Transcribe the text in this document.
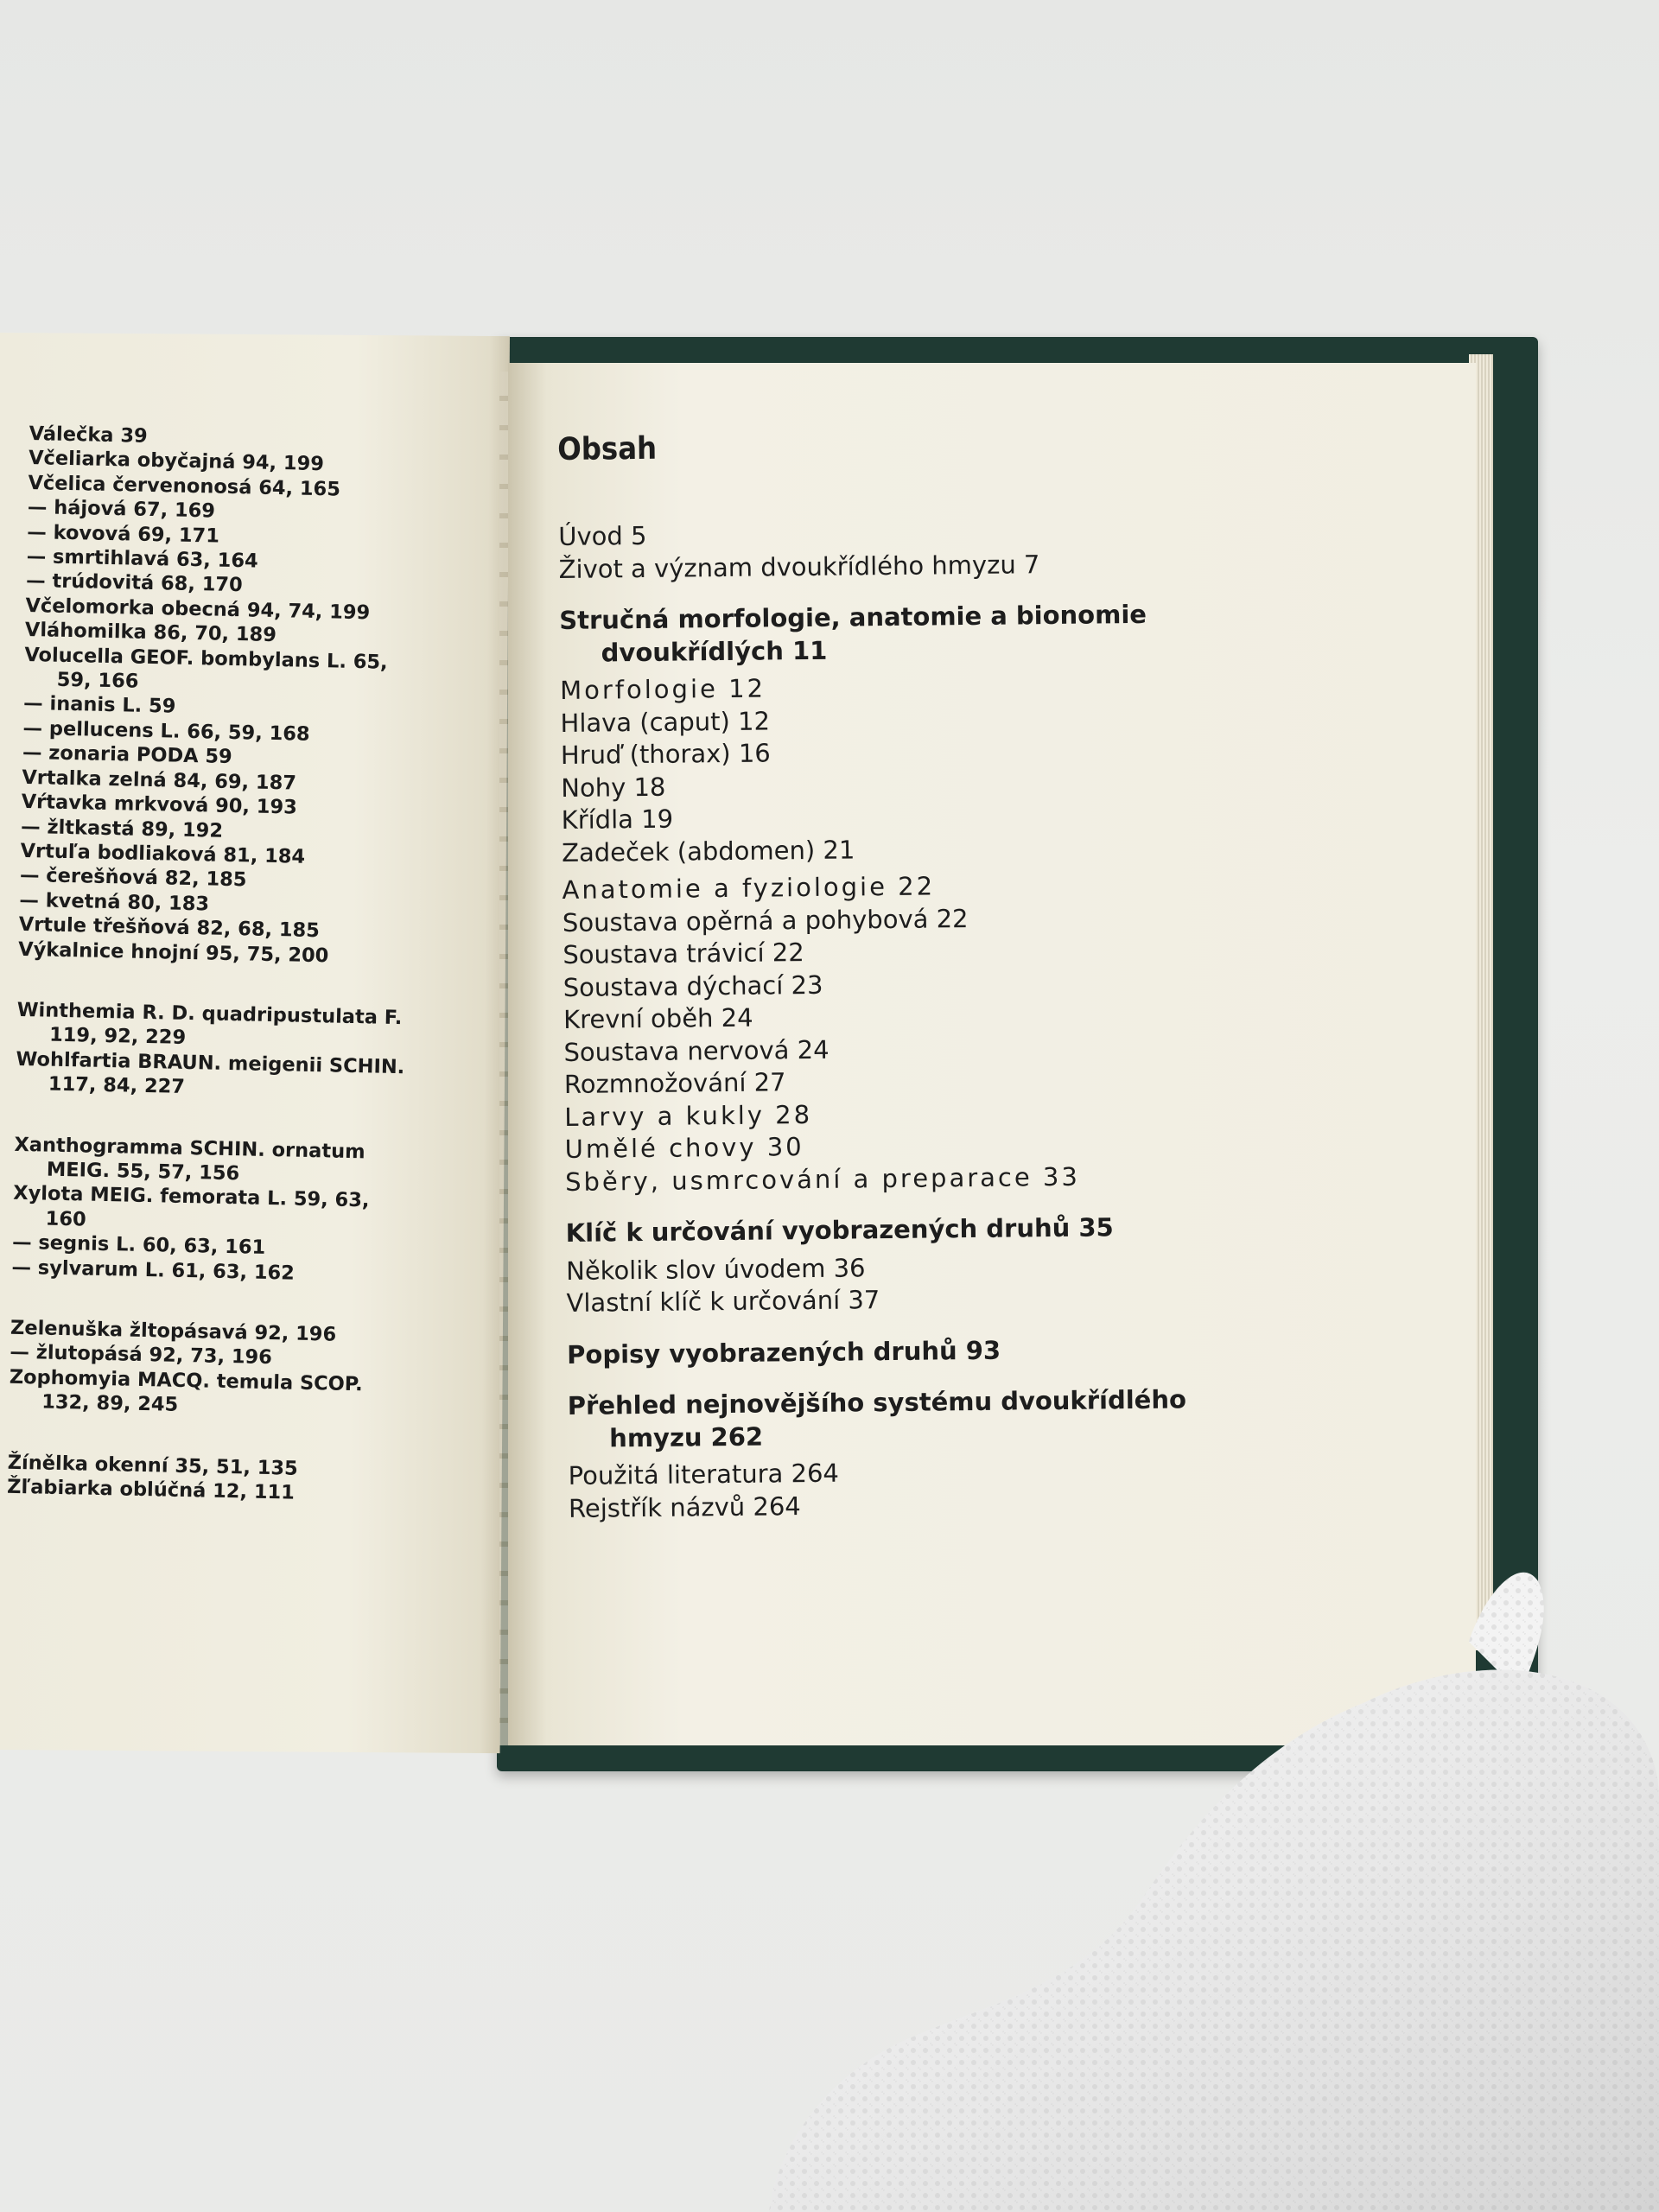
Válečka 39
Včeliarka obyčajná 94, 199
Včelica červenonosá 64, 165
— hájová 67, 169
— kovová 69, 171
— smrtihlavá 63, 164
— trúdovitá 68, 170
Včelomorka obecná 94, 74, 199
Vláhomilka 86, 70, 189
Volucella GEOF. bombylans L. 65,
59, 166
— inanis L. 59
— pellucens L. 66, 59, 168
— zonaria PODA 59
Vrtalka zelná 84, 69, 187
Vŕtavka mrkvová 90, 193
— žltkastá 89, 192
Vrtuľa bodliaková 81, 184
— čerešňová 82, 185
— kvetná 80, 183
Vrtule třešňová 82, 68, 185
Výkalnice hnojní 95, 75, 200
Winthemia R. D. quadripustulata F.
119, 92, 229
Wohlfartia BRAUN. meigenii SCHIN.
117, 84, 227
Xanthogramma SCHIN. ornatum
MEIG. 55, 57, 156
Xylota MEIG. femorata L. 59, 63,
160
— segnis L. 60, 63, 161
— sylvarum L. 61, 63, 162
Zelenuška žltopásavá 92, 196
— žlutopásá 92, 73, 196
Zophomyia MACQ. temula SCOP.
132, 89, 245
Žínělka okenní 35, 51, 135
Žľabiarka oblúčná 12, 111
Obsah
Úvod 5
Život a význam dvoukřídlého hmyzu 7
Stručná morfologie, anatomie a bionomie
dvoukřídlých 11
Morfologie 12
Hlava (caput) 12
Hruď (thorax) 16
Nohy 18
Křídla 19
Zadeček (abdomen) 21
Anatomie a fyziologie 22
Soustava opěrná a pohybová 22
Soustava trávicí 22
Soustava dýchací 23
Krevní oběh 24
Soustava nervová 24
Rozmnožování 27
Larvy a kukly 28
Umělé chovy 30
Sběry, usmrcování a preparace 33
Klíč k určování vyobrazených druhů 35
Několik slov úvodem 36
Vlastní klíč k určování 37
Popisy vyobrazených druhů 93
Přehled nejnovějšího systému dvoukřídlého
hmyzu 262
Použitá literatura 264
Rejstřík názvů 264
